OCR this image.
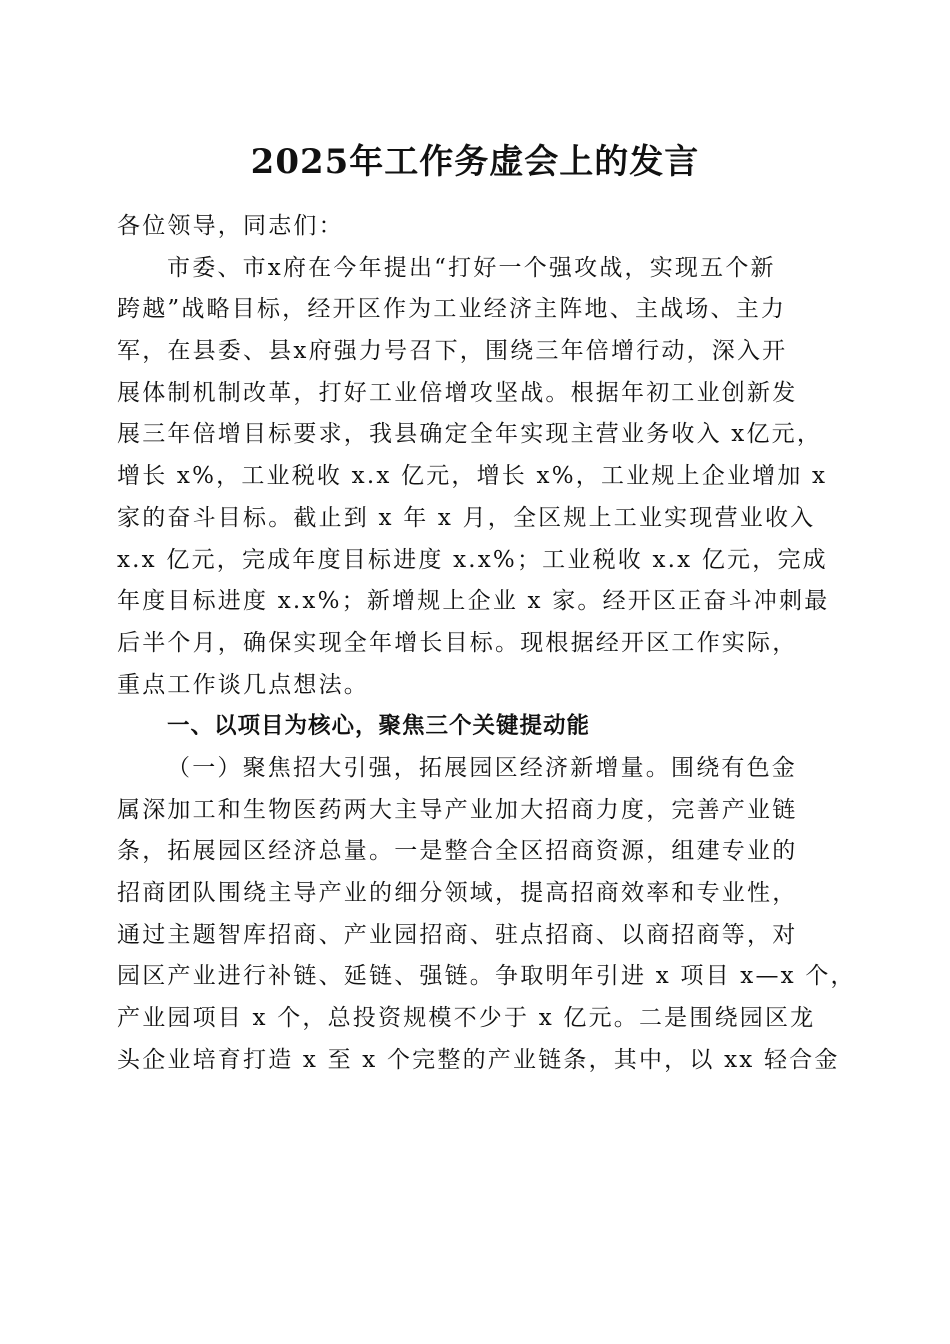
2025年工作务虚会上的发言
各位领导，同志们：
市委、市x府在今年提出“打好一个强攻战，实现五个新
跨越”战略目标，经开区作为工业经济主阵地、主战场、主力
军，在县委、县x府强力号召下，围绕三年倍增行动，深入开
展体制机制改革，打好工业倍增攻坚战。根据年初工业创新发
展三年倍增目标要求，我县确定全年实现主营业务收入 x亿元，
增长 x%，工业税收 x.x 亿元，增长 x%，工业规上企业增加 x
家的奋斗目标。截止到 x 年 x 月，全区规上工业实现营业收入
x.x 亿元，完成年度目标进度 x.x%；工业税收 x.x 亿元，完成
年度目标进度 x.x%；新增规上企业 x 家。经开区正奋斗冲刺最
后半个月，确保实现全年增长目标。现根据经开区工作实际，
重点工作谈几点想法。
一、以项目为核心，聚焦三个关键提动能
（一）聚焦招大引强，拓展园区经济新增量。围绕有色金
属深加工和生物医药两大主导产业加大招商力度，完善产业链
条，拓展园区经济总量。一是整合全区招商资源，组建专业的
招商团队围绕主导产业的细分领域，提高招商效率和专业性，
通过主题智库招商、产业园招商、驻点招商、以商招商等，对
园区产业进行补链、延链、强链。争取明年引进 x 项目 x—x 个，
产业园项目 x 个，总投资规模不少于 x 亿元。二是围绕园区龙
头企业培育打造 x 至 x 个完整的产业链条，其中，以 xx 轻合金
